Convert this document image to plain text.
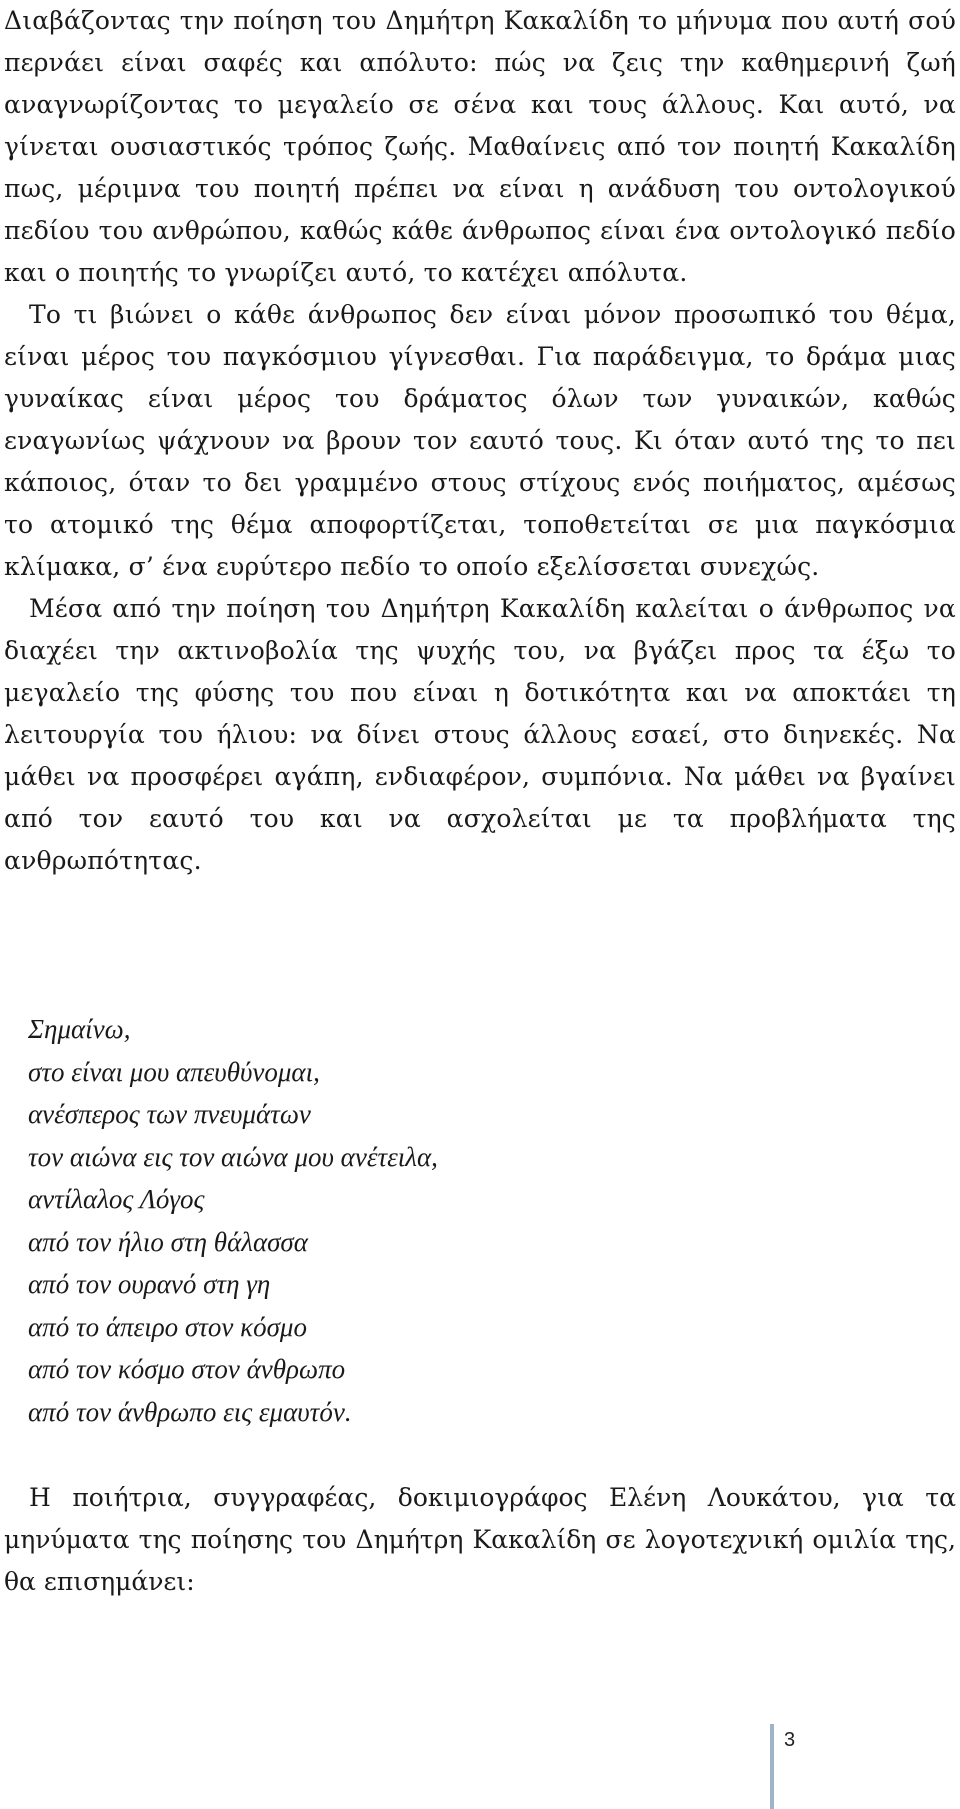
Διαβάζοντας την ποίηση του Δημήτρη Κακαλίδη το μήνυμα που αυτή σού περνάει είναι σαφές και απόλυτο: πώς να ζεις την καθημερινή ζωή αναγνωρίζοντας το μεγαλείο σε σένα και τους άλλους. Και αυτό, να γίνεται ουσιαστικός τρόπος ζωής. Μαθαίνεις από τον ποιητή Κακαλίδη πως, μέριμνα του ποιητή πρέπει να είναι η ανάδυση του οντολογικού πεδίου του ανθρώπου, καθώς κάθε άνθρωπος είναι ένα οντολογικό πεδίο και ο ποιητής το γνωρίζει αυτό, το κατέχει απόλυτα.

Το τι βιώνει ο κάθε άνθρωπος δεν είναι μόνον προσωπικό του θέμα, είναι μέρος του παγκόσμιου γίγνεσθαι. Για παράδειγμα, το δράμα μιας γυναίκας είναι μέρος του δράματος όλων των γυναικών, καθώς εναγωνίως ψάχνουν να βρουν τον εαυτό τους. Κι όταν αυτό της το πει κάποιος, όταν το δει γραμμένο στους στίχους ενός ποιήματος, αμέσως το ατομικό της θέμα αποφορτίζεται, τοποθετείται σε μια παγκόσμια κλίμακα, σ’ ένα ευρύτερο πεδίο το οποίο εξελίσσεται συνεχώς.

Μέσα από την ποίηση του Δημήτρη Κακαλίδη καλείται ο άνθρωπος να διαχέει την ακτινοβολία της ψυχής του, να βγάζει προς τα έξω το μεγαλείο της φύσης του που είναι η δοτικότητα και να αποκτάει τη λειτουργία του ήλιου: να δίνει στους άλλους εσαεί, στο διηνεκές. Να μάθει να προσφέρει αγάπη, ενδιαφέρον, συμπόνια. Να μάθει να βγαίνει από τον εαυτό του και να ασχολείται με τα προβλήματα της ανθρωπότητας.

Σημαίνω,
στο είναι μου απευθύνομαι,
ανέσπερος των πνευμάτων
τον αιώνα εις τον αιώνα μου ανέτειλα,
αντίλαλος Λόγος
από τον ήλιο στη θάλασσα
από τον ουρανό στη γη
από το άπειρο στον κόσμο
από τον κόσμο στον άνθρωπο
από τον άνθρωπο εις εμαυτόν.

Η ποιήτρια, συγγραφέας, δοκιμιογράφος Ελένη Λουκάτου, για τα μηνύματα της ποίησης του Δημήτρη Κακαλίδη σε λογοτεχνική ομιλία της, θα επισημάνει:

3
